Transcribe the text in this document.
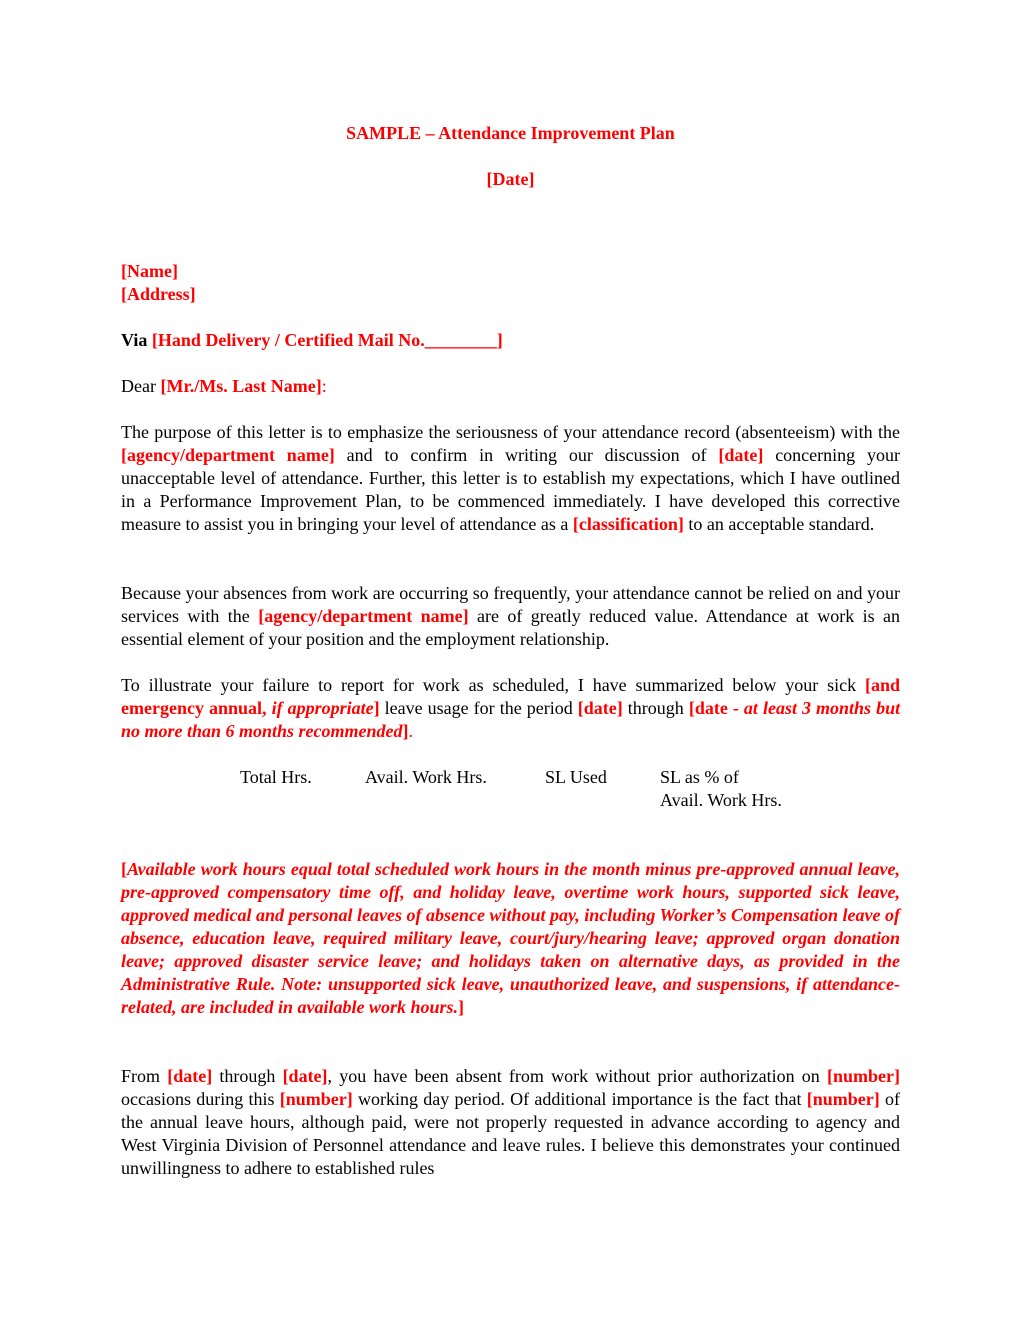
SAMPLE – Attendance Improvement Plan
[Date]
[Name]
[Address]
Via [Hand Delivery / Certified Mail No.________]
Dear [Mr./Ms. Last Name]:
The purpose of this letter is to emphasize the seriousness of your attendance record (absenteeism) with the [agency/department name] and to confirm in writing our discussion of [date] concerning your unacceptable level of attendance. Further, this letter is to establish my expectations, which I have outlined in a Performance Improvement Plan, to be commenced immediately. I have developed this corrective measure to assist you in bringing your level of attendance as a [classification] to an acceptable standard.
Because your absences from work are occurring so frequently, your attendance cannot be relied on and your services with the [agency/department name] are of greatly reduced value. Attendance at work is an essential element of your position and the employment relationship.
To illustrate your failure to report for work as scheduled, I have summarized below your sick [and emergency annual, if appropriate] leave usage for the period [date] through [date - at least 3 months but no more than 6 months recommended].
Total Hrs.	Avail. Work Hrs.	SL Used	SL as % of
Avail. Work Hrs.
[Available work hours equal total scheduled work hours in the month minus pre-approved annual leave, pre-approved compensatory time off, and holiday leave, overtime work hours, supported sick leave, approved medical and personal leaves of absence without pay, including Worker’s Compensation leave of absence, education leave, required military leave, court/jury/hearing leave; approved organ donation leave; approved disaster service leave; and holidays taken on alternative days, as provided in the Administrative Rule. Note: unsupported sick leave, unauthorized leave, and suspensions, if attendance-related, are included in available work hours.]
From [date] through [date], you have been absent from work without prior authorization on [number] occasions during this [number] working day period. Of additional importance is the fact that [number] of the annual leave hours, although paid, were not properly requested in advance according to agency and West Virginia Division of Personnel attendance and leave rules. I believe this demonstrates your continued unwillingness to adhere to established rules
